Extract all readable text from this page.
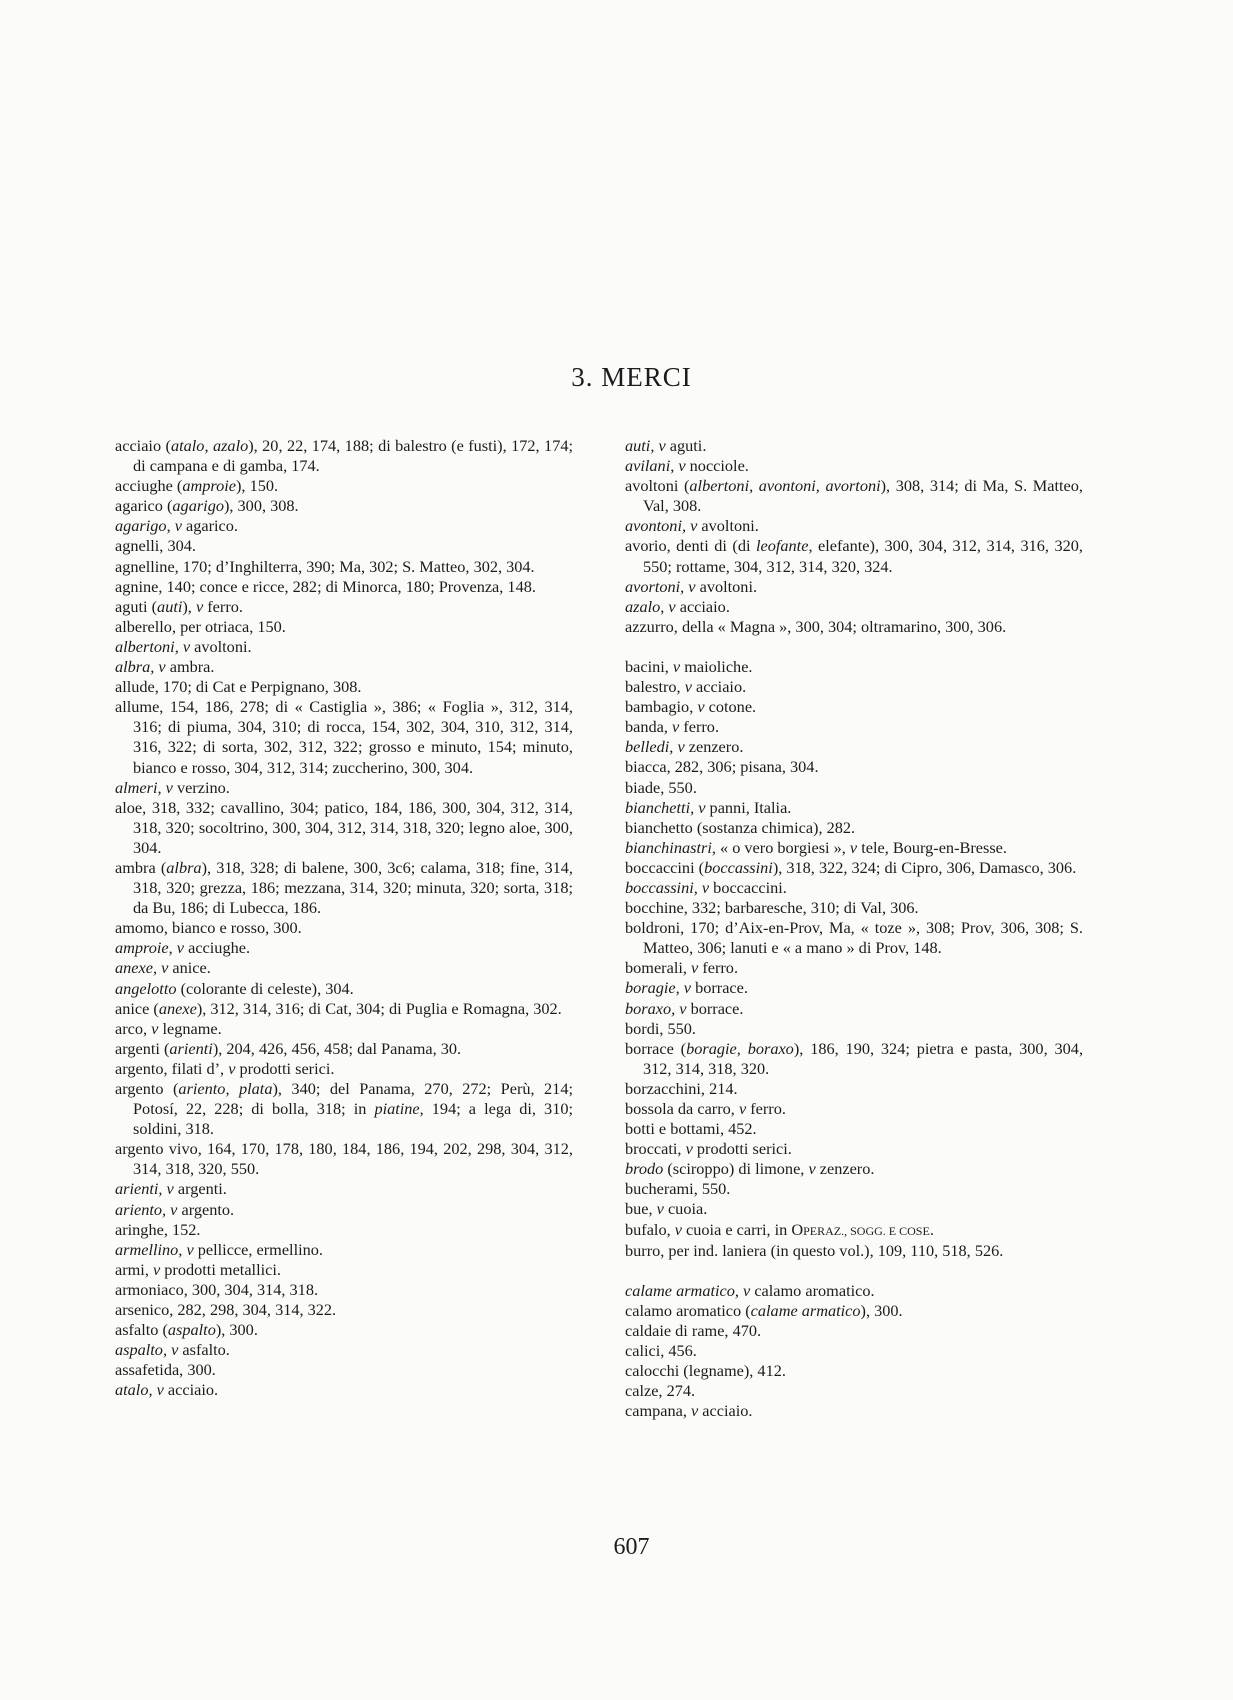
3. MERCI
acciaio (atalo, azalo), 20, 22, 174, 188; di balestro (e fusti), 172, 174; di campana e di gamba, 174.
acciughe (amproie), 150.
agarico (agarigo), 300, 308.
agarigo, v agarico.
agnelli, 304.
agnelline, 170; d’Inghilterra, 390; Ma, 302; S. Matteo, 302, 304.
agnine, 140; conce e ricce, 282; di Minorca, 180; Provenza, 148.
aguti (auti), v ferro.
alberello, per otriaca, 150.
albertoni, v avoltoni.
albra, v ambra.
allude, 170; di Cat e Perpignano, 308.
allume, 154, 186, 278; di « Castiglia », 386; « Foglia », 312, 314, 316; di piuma, 304, 310; di rocca, 154, 302, 304, 310, 312, 314, 316, 322; di sorta, 302, 312, 322; grosso e minuto, 154; minuto, bianco e rosso, 304, 312, 314; zuccherino, 300, 304.
almeri, v verzino.
aloe, 318, 332; cavallino, 304; patico, 184, 186, 300, 304, 312, 314, 318, 320; socoltrino, 300, 304, 312, 314, 318, 320; legno aloe, 300, 304.
ambra (albra), 318, 328; di balene, 300, 3c6; calama, 318; fine, 314, 318, 320; grezza, 186; mezzana, 314, 320; minuta, 320; sorta, 318; da Bu, 186; di Lubecca, 186.
amomo, bianco e rosso, 300.
amproie, v acciughe.
anexe, v anice.
angelotto (colorante di celeste), 304.
anice (anexe), 312, 314, 316; di Cat, 304; di Puglia e Romagna, 302.
arco, v legname.
argenti (arienti), 204, 426, 456, 458; dal Panama, 30.
argento, filati d’, v prodotti serici.
argento (ariento, plata), 340; del Panama, 270, 272; Perù, 214; Potosí, 22, 228; di bolla, 318; in piatine, 194; a lega di, 310; soldini, 318.
argento vivo, 164, 170, 178, 180, 184, 186, 194, 202, 298, 304, 312, 314, 318, 320, 550.
arienti, v argenti.
ariento, v argento.
aringhe, 152.
armellino, v pellicce, ermellino.
armi, v prodotti metallici.
armoniaco, 300, 304, 314, 318.
arsenico, 282, 298, 304, 314, 322.
asfalto (aspalto), 300.
aspalto, v asfalto.
assafetida, 300.
atalo, v acciaio.
auti, v aguti.
avilani, v nocciole.
avoltoni (albertoni, avontoni, avortoni), 308, 314; di Ma, S. Matteo, Val, 308.
avontoni, v avoltoni.
avorio, denti di (di leofante, elefante), 300, 304, 312, 314, 316, 320, 550; rottame, 304, 312, 314, 320, 324.
avortoni, v avoltoni.
azalo, v acciaio.
azzurro, della « Magna », 300, 304; oltramarino, 300, 306.
bacini, v maioliche.
balestro, v acciaio.
bambagio, v cotone.
banda, v ferro.
belledi, v zenzero.
biacca, 282, 306; pisana, 304.
biade, 550.
bianchetti, v panni, Italia.
bianchetto (sostanza chimica), 282.
bianchinastri, « o vero borgiesi », v tele, Bourg-en-Bresse.
boccaccini (boccassini), 318, 322, 324; di Cipro, 306, Damasco, 306.
boccassini, v boccaccini.
bocchine, 332; barbaresche, 310; di Val, 306.
boldroni, 170; d’Aix-en-Prov, Ma, « toze », 308; Prov, 306, 308; S. Matteo, 306; lanuti e « a mano » di Prov, 148.
bomerali, v ferro.
boragie, v borrace.
boraxo, v borrace.
bordi, 550.
borrace (boragie, boraxo), 186, 190, 324; pietra e pasta, 300, 304, 312, 314, 318, 320.
borzacchini, 214.
bossola da carro, v ferro.
botti e bottami, 452.
broccati, v prodotti serici.
brodo (sciroppo) di limone, v zenzero.
bucherami, 550.
bue, v cuoia.
bufalo, v cuoia e carri, in OPERAZ., SOGG. E COSE.
burro, per ind. laniera (in questo vol.), 109, 110, 518, 526.
calame armatico, v calamo aromatico.
calamo aromatico (calame armatico), 300.
caldaie di rame, 470.
calici, 456.
calocchi (legname), 412.
calze, 274.
campana, v acciaio.
607
